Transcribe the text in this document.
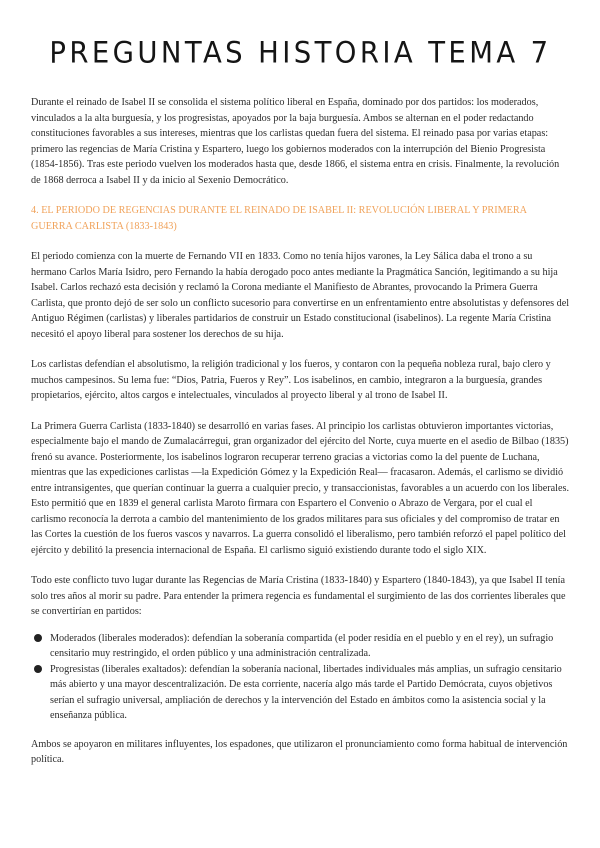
PREGUNTAS HISTORIA TEMA 7

Durante el reinado de Isabel II se consolida el sistema político liberal en España, dominado por dos partidos: los moderados, vinculados a la alta burguesía, y los progresistas, apoyados por la baja burguesía. Ambos se alternan en el poder redactando constituciones favorables a sus intereses, mientras que los carlistas quedan fuera del sistema. El reinado pasa por varias etapas: primero las regencias de María Cristina y Espartero, luego los gobiernos moderados con la interrupción del Bienio Progresista (1854-1856). Tras este periodo vuelven los moderados hasta que, desde 1866, el sistema entra en crisis. Finalmente, la revolución de 1868 derroca a Isabel II y da inicio al Sexenio Democrático.

4. EL PERIODO DE REGENCIAS DURANTE EL REINADO DE ISABEL II: REVOLUCIÓN LIBERAL Y PRIMERA GUERRA CARLISTA (1833-1843)

El periodo comienza con la muerte de Fernando VII en 1833. Como no tenía hijos varones, la Ley Sálica daba el trono a su hermano Carlos María Isidro, pero Fernando la había derogado poco antes mediante la Pragmática Sanción, legitimando a su hija Isabel. Carlos rechazó esta decisión y reclamó la Corona mediante el Manifiesto de Abrantes, provocando la Primera Guerra Carlista, que pronto dejó de ser solo un conflicto sucesorio para convertirse en un enfrentamiento entre absolutistas y defensores del Antiguo Régimen (carlistas) y liberales partidarios de construir un Estado constitucional (isabelinos). La regente María Cristina necesitó el apoyo liberal para sostener los derechos de su hija.

Los carlistas defendían el absolutismo, la religión tradicional y los fueros, y contaron con la pequeña nobleza rural, bajo clero y muchos campesinos. Su lema fue: “Dios, Patria, Fueros y Rey”. Los isabelinos, en cambio, integraron a la burguesía, grandes propietarios, ejército, altos cargos e intelectuales, vinculados al proyecto liberal y al trono de Isabel II.

La Primera Guerra Carlista (1833-1840) se desarrolló en varias fases. Al principio los carlistas obtuvieron importantes victorias, especialmente bajo el mando de Zumalacárregui, gran organizador del ejército del Norte, cuya muerte en el asedio de Bilbao (1835) frenó su avance. Posteriormente, los isabelinos lograron recuperar terreno gracias a victorias como la del puente de Luchana, mientras que las expediciones carlistas —la Expedición Gómez y la Expedición Real— fracasaron. Además, el carlismo se dividió entre intransigentes, que querían continuar la guerra a cualquier precio, y transaccionistas, favorables a un acuerdo con los liberales. Esto permitió que en 1839 el general carlista Maroto firmara con Espartero el Convenio o Abrazo de Vergara, por el cual el carlismo reconocía la derrota a cambio del mantenimiento de los grados militares para sus oficiales y del compromiso de tratar en las Cortes la cuestión de los fueros vascos y navarros. La guerra consolidó el liberalismo, pero también reforzó el papel político del ejército y debilitó la presencia internacional de España. El carlismo siguió existiendo durante todo el siglo XIX.

Todo este conflicto tuvo lugar durante las Regencias de María Cristina (1833-1840) y Espartero (1840-1843), ya que Isabel II tenía solo tres años al morir su padre. Para entender la primera regencia es fundamental el surgimiento de las dos corrientes liberales que se convertirían en partidos:

Moderados (liberales moderados): defendían la soberanía compartida (el poder residía en el pueblo y en el rey), un sufragio censitario muy restringido, el orden público y una administración centralizada.
Progresistas (liberales exaltados): defendían la soberanía nacional, libertades individuales más amplias, un sufragio censitario más abierto y una mayor descentralización. De esta corriente, nacería algo más tarde el Partido Demócrata, cuyos objetivos serían el sufragio universal, ampliación de derechos y la intervención del Estado en ámbitos como la asistencia social y la enseñanza pública.

Ambos se apoyaron en militares influyentes, los espadones, que utilizaron el pronunciamiento como forma habitual de intervención política.
